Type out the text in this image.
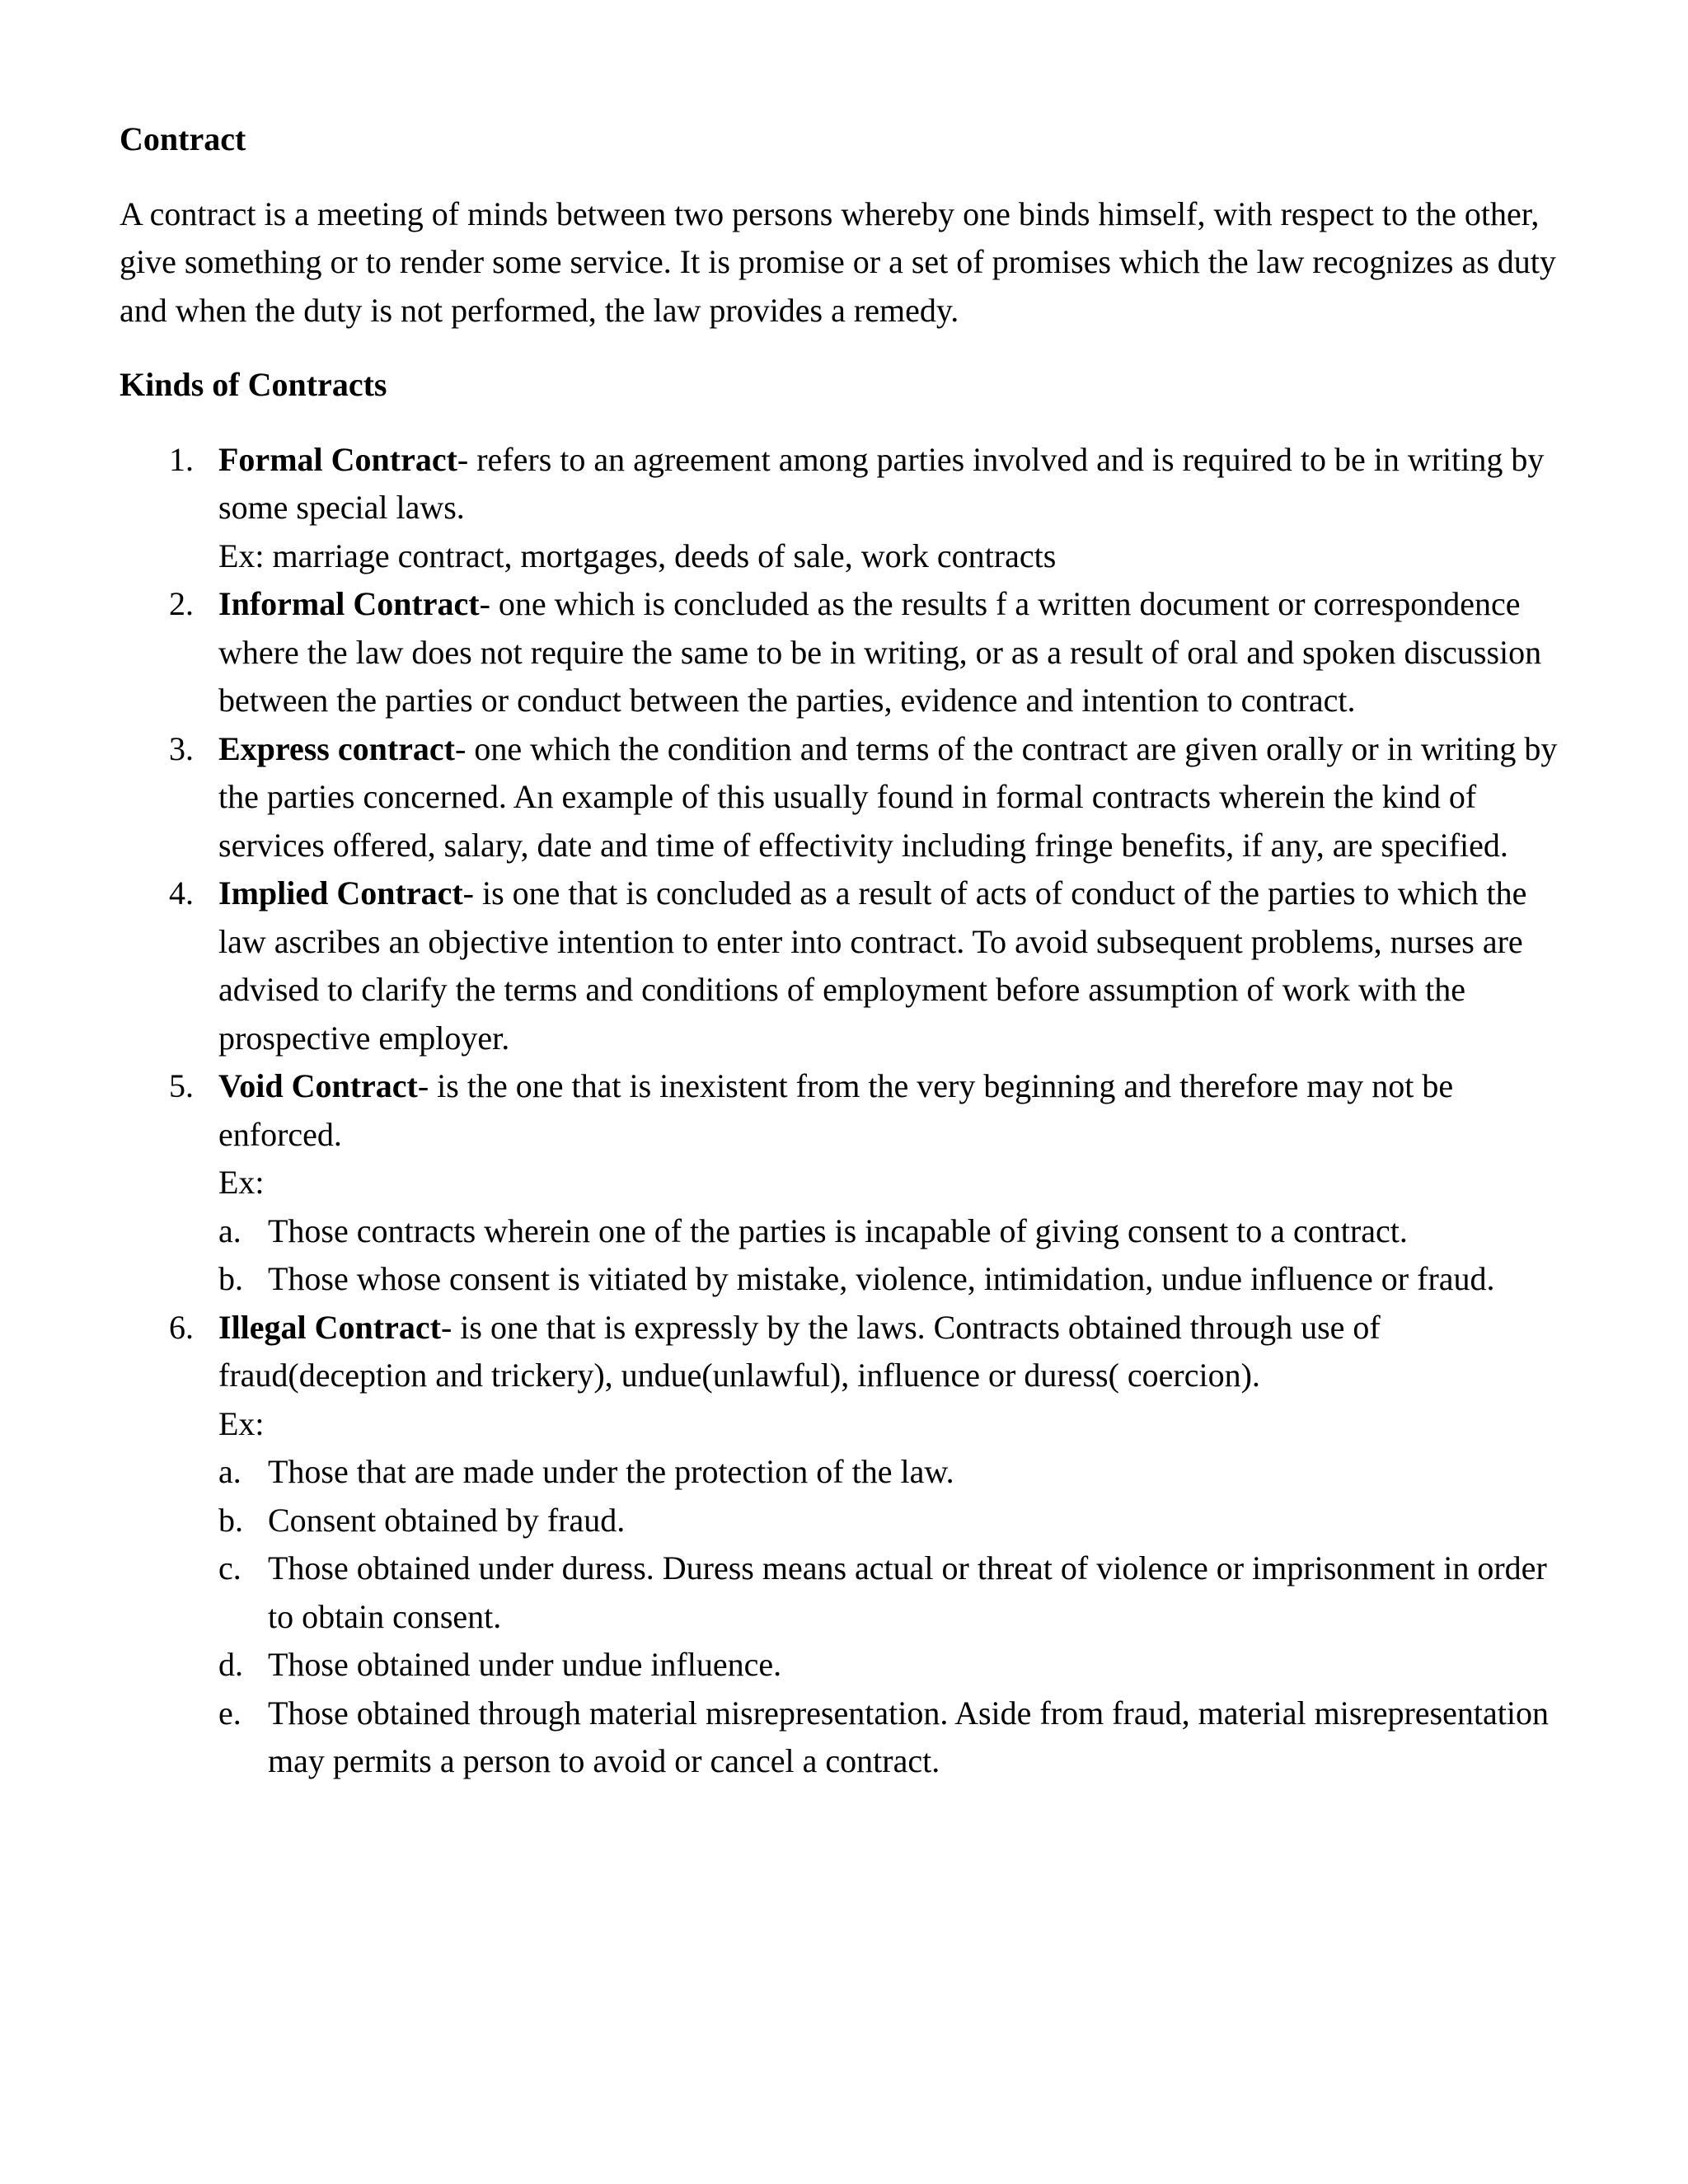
Contract

A contract is a meeting of minds between two persons whereby one binds himself, with respect to the other, give something or to render some service. It is promise or a set of promises which the law recognizes as duty and when the duty is not performed, the law provides a remedy.

Kinds of Contracts

1. Formal Contract- refers to an agreement among parties involved and is required to be in writing by some special laws.
Ex: marriage contract, mortgages, deeds of sale, work contracts
2. Informal Contract- one which is concluded as the results f a written document or correspondence where the law does not require the same to be in writing, or as a result of oral and spoken discussion between the parties or conduct between the parties, evidence and intention to contract.
3. Express contract- one which the condition and terms of the contract are given orally or in writing by the parties concerned. An example of this usually found in formal contracts wherein the kind of services offered, salary, date and time of effectivity including fringe benefits, if any, are specified.
4. Implied Contract- is one that is concluded as a result of acts of conduct of the parties to which the law ascribes an objective intention to enter into contract. To avoid subsequent problems, nurses are advised to clarify the terms and conditions of employment before assumption of work with the prospective employer.
5. Void Contract- is the one that is inexistent from the very beginning and therefore may not be enforced.
Ex:
a. Those contracts wherein one of the parties is incapable of giving consent to a contract.
b. Those whose consent is vitiated by mistake, violence, intimidation, undue influence or fraud.
6. Illegal Contract- is one that is expressly by the laws. Contracts obtained through use of fraud(deception and trickery), undue(unlawful), influence or duress( coercion).
Ex:
a. Those that are made under the protection of the law.
b. Consent obtained by fraud.
c. Those obtained under duress. Duress means actual or threat of violence or imprisonment in order to obtain consent.
d. Those obtained under undue influence.
e. Those obtained through material misrepresentation. Aside from fraud, material misrepresentation may permits a person to avoid or cancel a contract.
